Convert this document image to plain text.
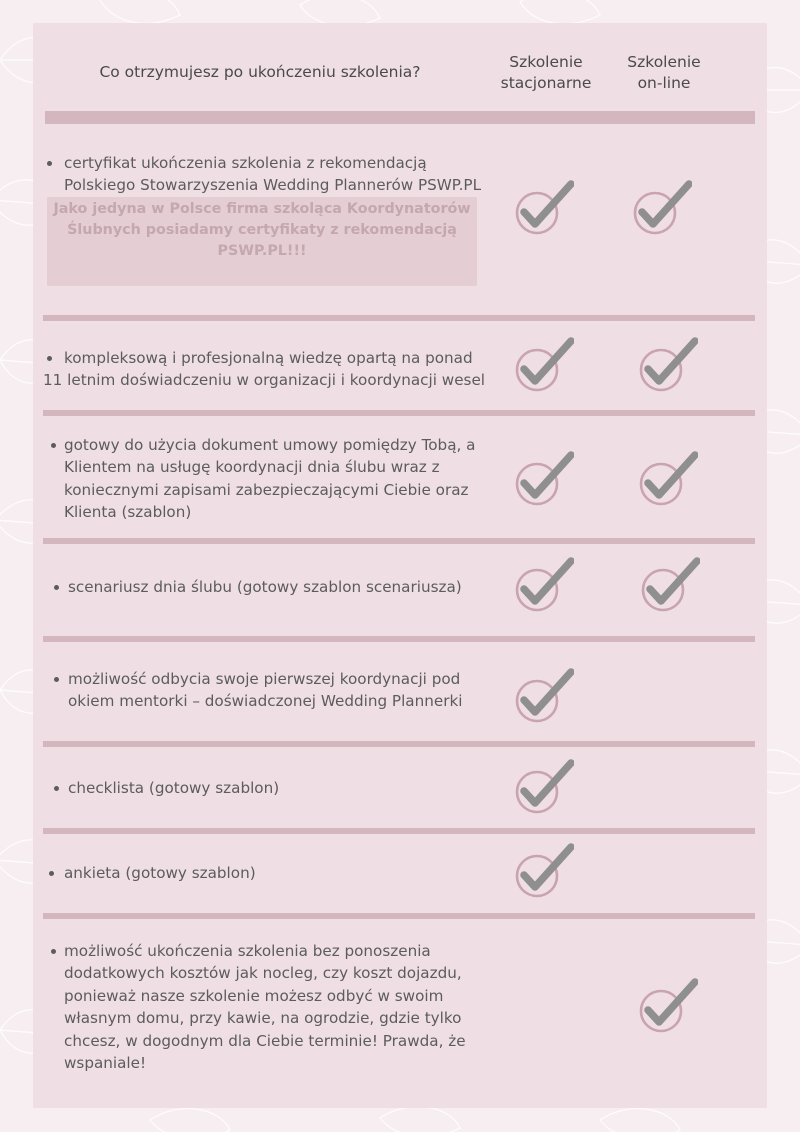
Co otrzymujesz po ukończeniu szkolenia?
Szkolenie
stacjonarne
Szkolenie
on-line
certyfikat ukończenia szkolenia z rekomendacją
Polskiego Stowarzyszenia Wedding Plannerów PSWP.PL
Jako jedyna w Polsce firma szkoląca Koordynatorów
Ślubnych posiadamy certyfikaty z rekomendacją
PSWP.PL!!!
kompleksową i profesjonalną wiedzę opartą na ponad
11 letnim doświadczeniu w organizacji i koordynacji wesel
gotowy do użycia dokument umowy pomiędzy Tobą, a
Klientem na usługę koordynacji dnia ślubu wraz z
koniecznymi zapisami zabezpieczającymi Ciebie oraz
Klienta (szablon)
scenariusz dnia ślubu (gotowy szablon scenariusza)
możliwość odbycia swoje pierwszej koordynacji pod
okiem mentorki – doświadczonej Wedding Plannerki
checklista (gotowy szablon)
ankieta (gotowy szablon)
możliwość ukończenia szkolenia bez ponoszenia
dodatkowych kosztów jak nocleg, czy koszt dojazdu,
ponieważ nasze szkolenie możesz odbyć w swoim
własnym domu, przy kawie, na ogrodzie, gdzie tylko
chcesz, w dogodnym dla Ciebie terminie! Prawda, że
wspaniale!
